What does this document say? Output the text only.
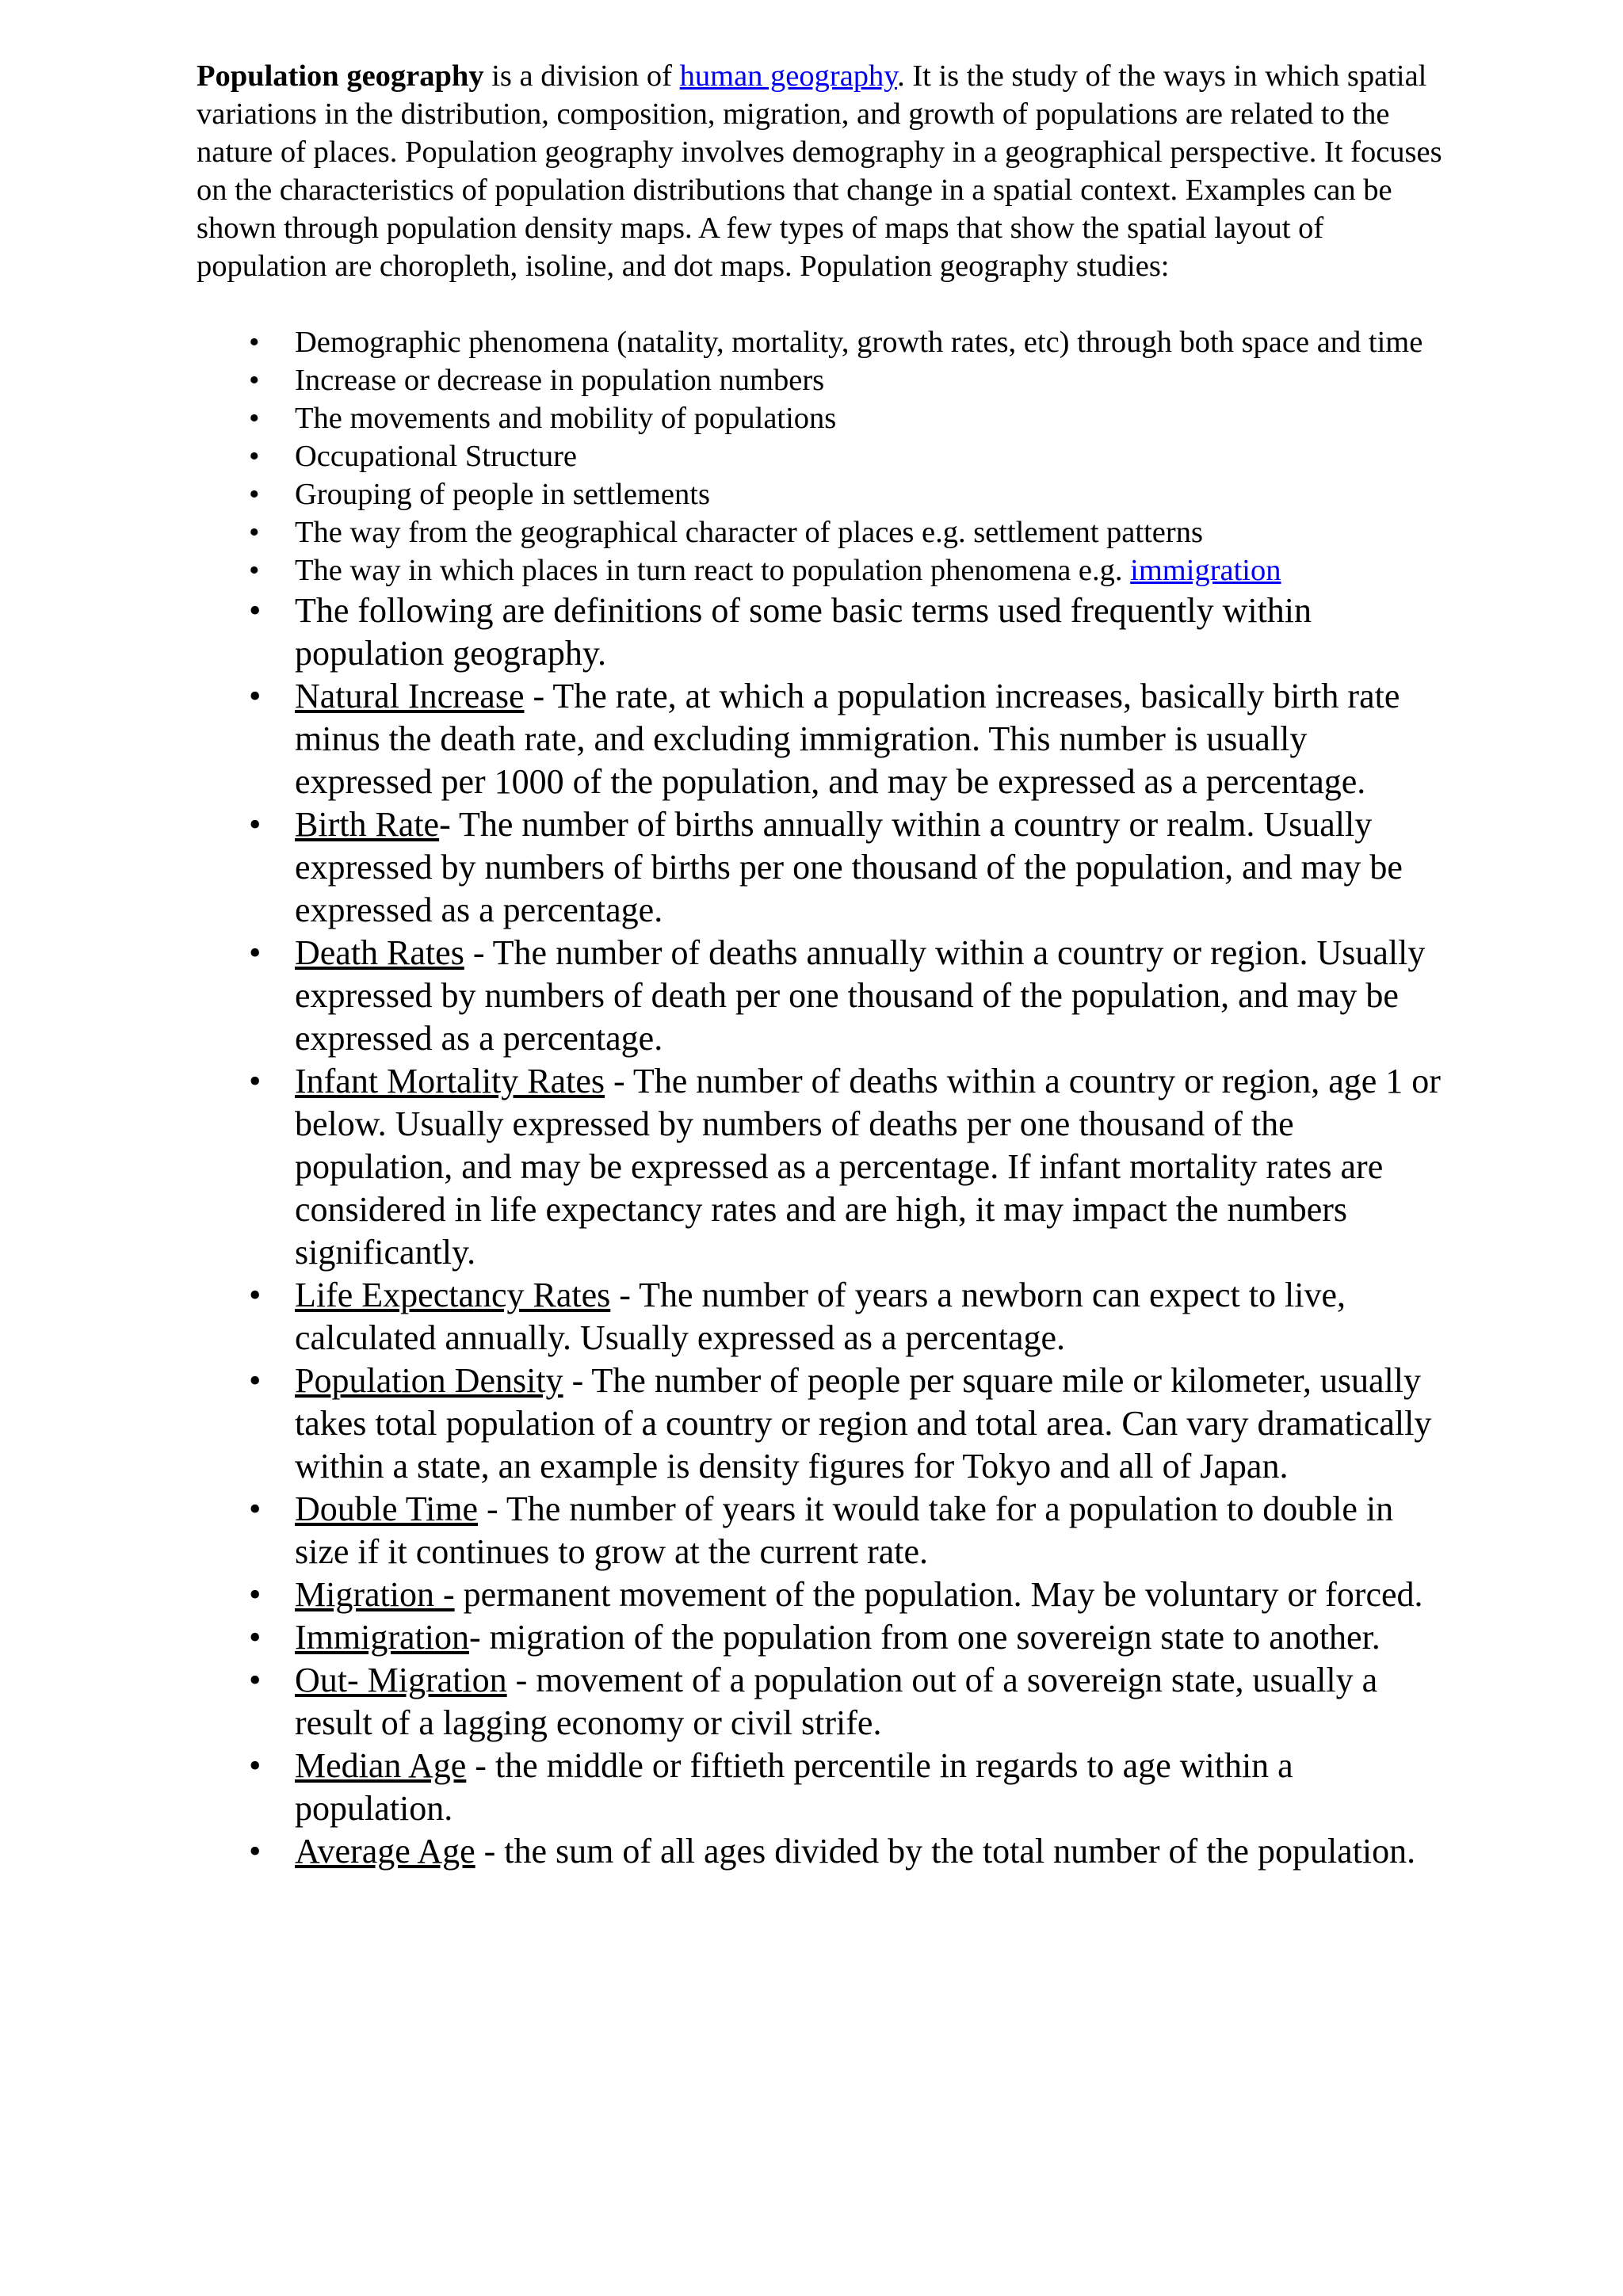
Population geography is a division of human geography. It is the study of the ways in which spatial variations in the distribution, composition, migration, and growth of populations are related to the nature of places. Population geography involves demography in a geographical perspective. It focuses on the characteristics of population distributions that change in a spatial context. Examples can be shown through population density maps. A few types of maps that show the spatial layout of population are choropleth, isoline, and dot maps. Population geography studies:

• Demographic phenomena (natality, mortality, growth rates, etc) through both space and time
• Increase or decrease in population numbers
• The movements and mobility of populations
• Occupational Structure
• Grouping of people in settlements
• The way from the geographical character of places e.g. settlement patterns
• The way in which places in turn react to population phenomena e.g. immigration
• The following are definitions of some basic terms used frequently within population geography.
• Natural Increase - The rate, at which a population increases, basically birth rate minus the death rate, and excluding immigration. This number is usually expressed per 1000 of the population, and may be expressed as a percentage.
• Birth Rate- The number of births annually within a country or realm. Usually expressed by numbers of births per one thousand of the population, and may be expressed as a percentage.
• Death Rates - The number of deaths annually within a country or region. Usually expressed by numbers of death per one thousand of the population, and may be expressed as a percentage.
• Infant Mortality Rates - The number of deaths within a country or region, age 1 or below. Usually expressed by numbers of deaths per one thousand of the population, and may be expressed as a percentage. If infant mortality rates are considered in life expectancy rates and are high, it may impact the numbers significantly.
• Life Expectancy Rates - The number of years a newborn can expect to live, calculated annually. Usually expressed as a percentage.
• Population Density - The number of people per square mile or kilometer, usually takes total population of a country or region and total area. Can vary dramatically within a state, an example is density figures for Tokyo and all of Japan.
• Double Time - The number of years it would take for a population to double in size if it continues to grow at the current rate.
• Migration - permanent movement of the population. May be voluntary or forced.
• Immigration- migration of the population from one sovereign state to another.
• Out- Migration - movement of a population out of a sovereign state, usually a result of a lagging economy or civil strife.
• Median Age - the middle or fiftieth percentile in regards to age within a population.
• Average Age - the sum of all ages divided by the total number of the population.
